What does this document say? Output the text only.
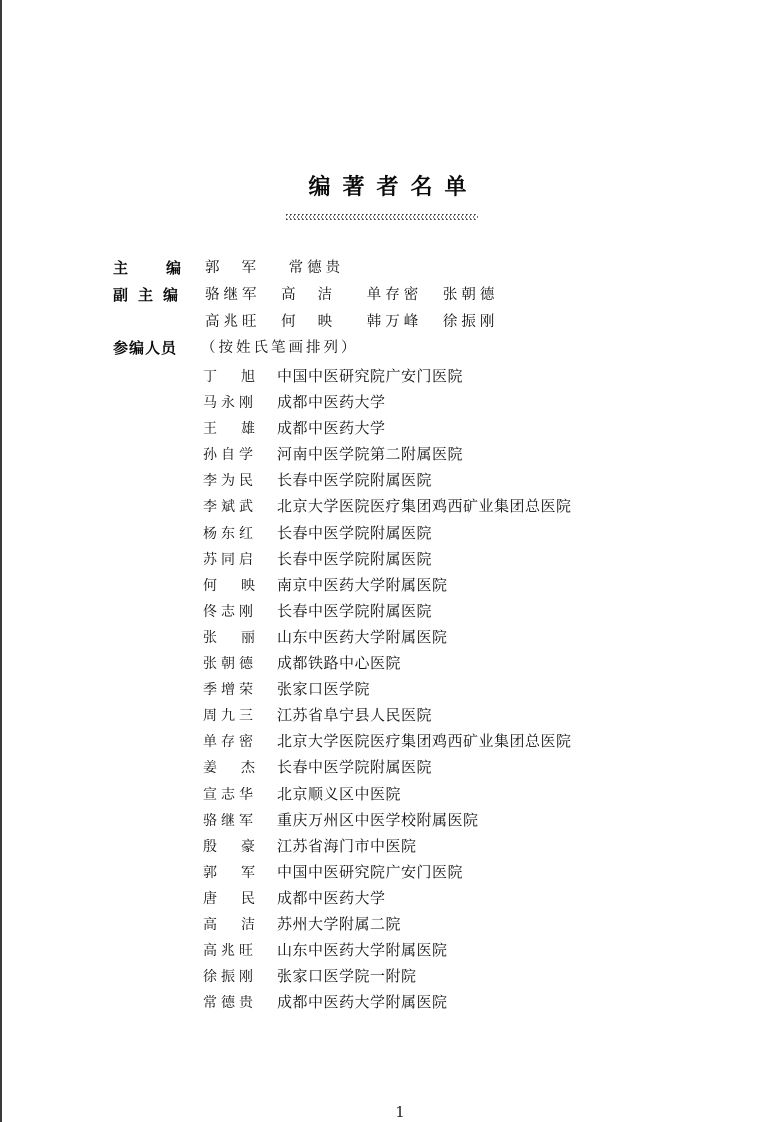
编著者名单
主编
郭军 常德贵
副主编	骆继军 高洁 单存密 张朝德
高兆旺 何映 韩万峰 徐振刚
参编人员	（按姓氏笔画排列）
丁旭中国中医研究院广安门医院
马永刚 成都中医药大学
王雄成都中医药大学
孙自学 河南中医学院第二附属医院
李为民 长春中医学院附属医院
李斌武 北京大学医院医疗集团鸡西矿业集团总医院
杨东红 长春中医学院附属医院
苏同启 长春中医学院附属医院
何映南京中医药大学附属医院
佟志刚 长春中医学院附属医院
张丽山东中医药大学附属医院
张朝德 成都铁路中心医院
季增荣 张家口医学院
周九三 江苏省阜宁县人民医院
单存密 北京大学医院医疗集团鸡西矿业集团总医院
姜杰长春中医学院附属医院
宣志华 北京顺义区中医院
骆继军 重庆万州区中医学校附属医院
殷豪江苏省海门市中医院
郭军中国中医研究院广安门医院
唐民成都中医药大学
高洁苏州大学附属二院
高兆旺 山东中医药大学附属医院
徐振刚 张家口医学院一附院
常德贵 成都中医药大学附属医院
1
